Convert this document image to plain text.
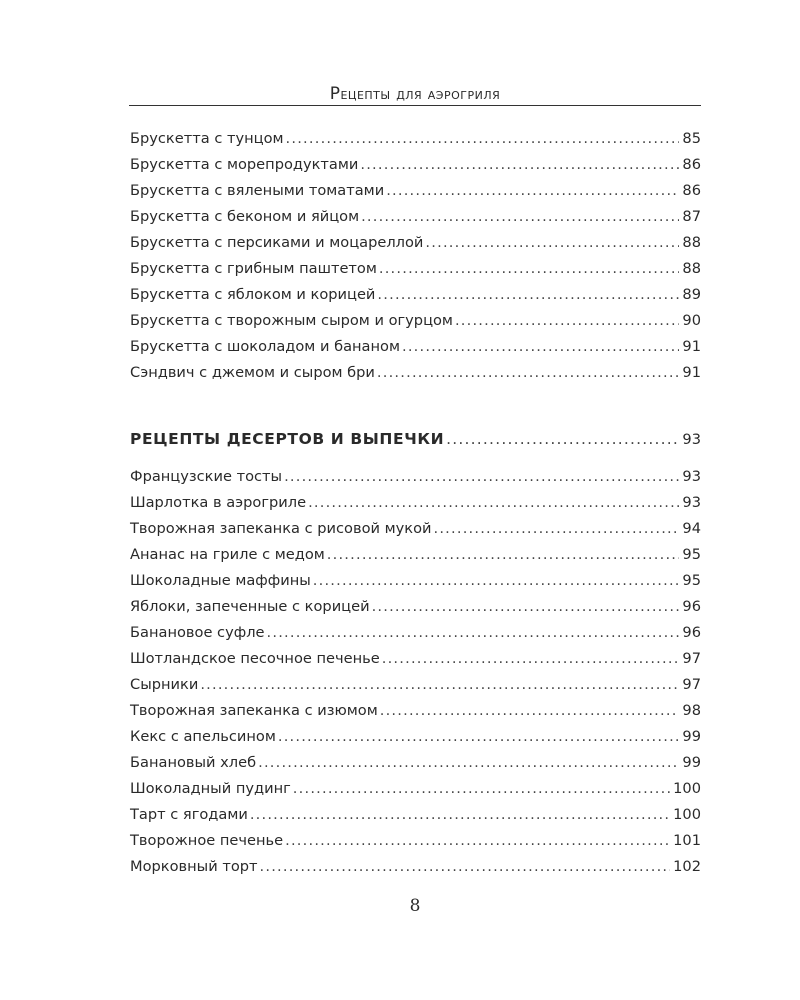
Рецепты для аэрогриля
Брускетта с тунцом .....	85
Брускетта с морепродуктами .....	86
Брускетта с вялеными томатами .....	86
Брускетта с беконом и яйцом .....	87
Брускетта с персиками и моцареллой .....	88
Брускетта с грибным паштетом .....	88
Брускетта с яблоком и корицей .....	89
Брускетта с творожным сыром и огурцом .....	90
Брускетта с шоколадом и бананом .....	91
Сэндвич с джемом и сыром бри .....	91
РЕЦЕПТЫ ДЕСЕРТОВ И ВЫПЕЧКИ .....	93
Французские тосты .....	93
Шарлотка в аэрогриле .....	93
Творожная запеканка с рисовой мукой .....	94
Ананас на гриле с медом .....	95
Шоколадные маффины .....	95
Яблоки, запеченные с корицей .....	96
Банановое суфле .....	96
Шотландское песочное печенье .....	97
Сырники .....	97
Творожная запеканка с изюмом .....	98
Кекс с апельсином .....	99
Банановый хлеб .....	99
Шоколадный пудинг .....	100
Тарт с ягодами .....	100
Творожное печенье .....	101
Морковный торт .....	102
8
